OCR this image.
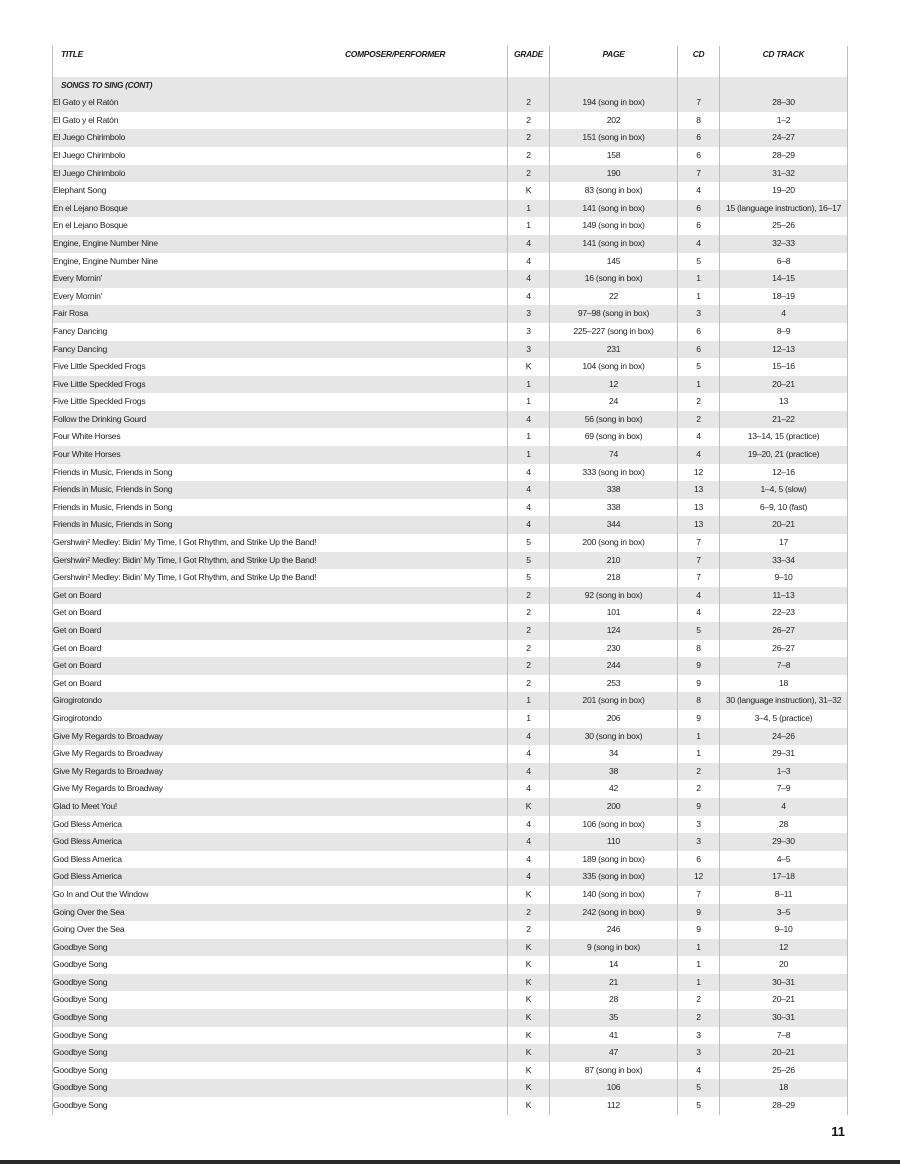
TITLE COMPOSER/PERFORMER	GRADE	PAGE	CD	CD TRACK

SONGS TO SING (CONT)				
El Gato y el Ratón	2	194 (song in box)	7	28–30
El Gato y el Ratón	2	202	8	1–2
El Juego Chirimbolo	2	151 (song in box)	6	24–27
El Juego Chirimbolo	2	158	6	28–29
El Juego Chirimbolo	2	190	7	31–32
Elephant Song	K	83 (song in box)	4	19–20
En el Lejano Bosque	1	141 (song in box)	6	15 (language instruction), 16–17
En el Lejano Bosque	1	149 (song in box)	6	25–26
Engine, Engine Number Nine	4	141 (song in box)	4	32–33
Engine, Engine Number Nine	4	145	5	6–8
Every Mornin'	4	16 (song in box)	1	14–15
Every Mornin'	4	22	1	18–19
Fair Rosa	3	97–98 (song in box)	3	4
Fancy Dancing	3	225–227 (song in box)	6	8–9
Fancy Dancing	3	231	6	12–13
Five Little Speckled Frogs	K	104 (song in box)	5	15–16
Five Little Speckled Frogs	1	12	1	20–21
Five Little Speckled Frogs	1	24	2	13
Follow the Drinking Gourd	4	56 (song in box)	2	21–22
Four White Horses	1	69 (song in box)	4	13–14, 15 (practice)
Four White Horses	1	74	4	19–20, 21 (practice)
Friends in Music, Friends in Song	4	333 (song in box)	12	12–16
Friends in Music, Friends in Song	4	338	13	1–4, 5 (slow)
Friends in Music, Friends in Song	4	338	13	6–9, 10 (fast)
Friends in Music, Friends in Song	4	344	13	20–21
Gershwin² Medley: Bidin' My Time, I Got Rhythm, and Strike Up the Band!	5	200 (song in box)	7	17
Gershwin² Medley: Bidin' My Time, I Got Rhythm, and Strike Up the Band!	5	210	7	33–34
Gershwin² Medley: Bidin' My Time, I Got Rhythm, and Strike Up the Band!	5	218	7	9–10
Get on Board	2	92 (song in box)	4	11–13
Get on Board	2	101	4	22–23
Get on Board	2	124	5	26–27
Get on Board	2	230	8	26–27
Get on Board	2	244	9	7–8
Get on Board	2	253	9	18
Girogirotondo	1	201 (song in box)	8	30 (language instruction), 31–32
Girogirotondo	1	206	9	3–4, 5 (practice)
Give My Regards to Broadway	4	30 (song in box)	1	24–26
Give My Regards to Broadway	4	34	1	29–31
Give My Regards to Broadway	4	38	2	1–3
Give My Regards to Broadway	4	42	2	7–9
Glad to Meet You!	K	200	9	4
God Bless America	4	106 (song in box)	3	28
God Bless America	4	110	3	29–30
God Bless America	4	189 (song in box)	6	4–5
God Bless America	4	335 (song in box)	12	17–18
Go In and Out the Window	K	140 (song in box)	7	8–11
Going Over the Sea	2	242 (song in box)	9	3–5
Going Over the Sea	2	246	9	9–10
Goodbye Song	K	9 (song in box)	1	12
Goodbye Song	K	14	1	20
Goodbye Song	K	21	1	30–31
Goodbye Song	K	28	2	20–21
Goodbye Song	K	35	2	30–31
Goodbye Song	K	41	3	7–8
Goodbye Song	K	47	3	20–21
Goodbye Song	K	87 (song in box)	4	25–26
Goodbye Song	K	106	5	18
Goodbye Song	K	112	5	28–29
11
